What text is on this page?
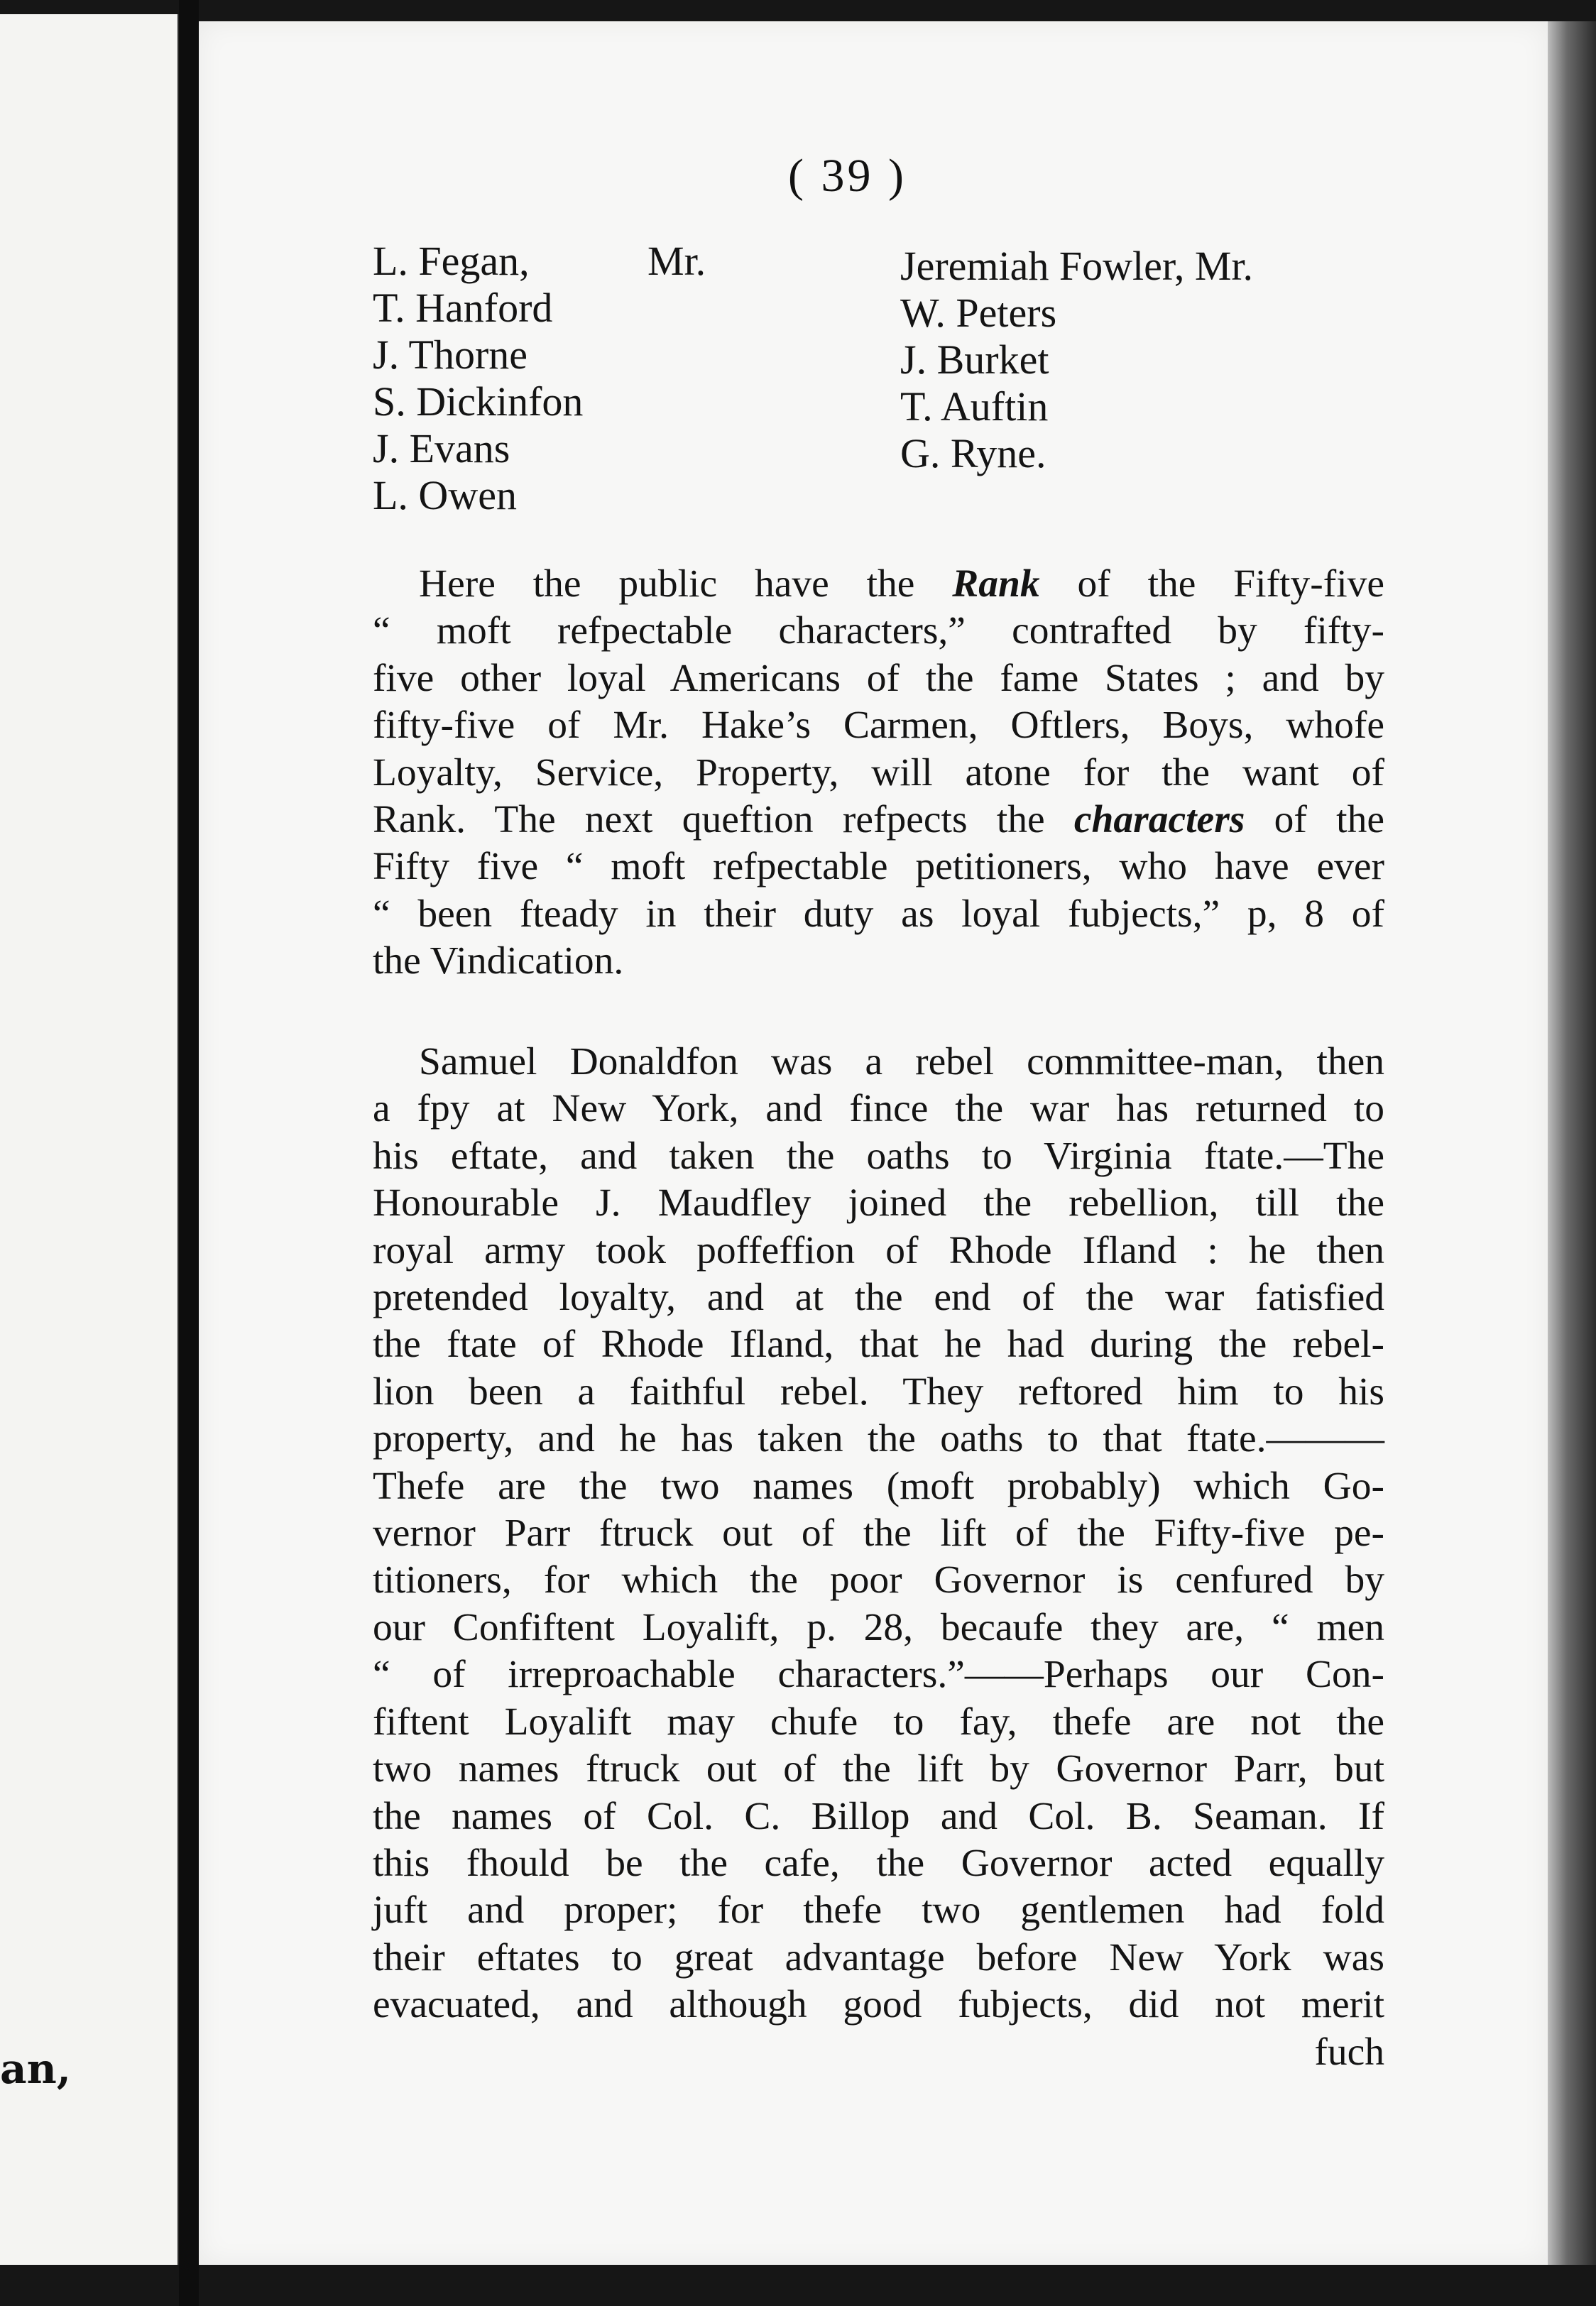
an,
( 39 )
L. Fegan,
T. Hanford
J. Thorne
S. Dickinfon
J. Evans
L. Owen
Mr.	Jeremiah Fowler, Mr.
W. Peters
J. Burket
T. Auftin
G. Ryne.
Here the public have the Rank of the Fifty-five
“ moft refpectable characters,” contrafted by fifty-
five other loyal Americans of the fame States ; and by
fifty-five of Mr. Hake’s Carmen, Oftlers, Boys, whofe
Loyalty, Service, Property, will atone for the want of
Rank. The next queftion refpects the characters of the
Fifty five “ moft refpectable petitioners, who have ever
“ been fteady in their duty as loyal fubjects,” p, 8 of
the Vindication.
Samuel Donaldfon was a rebel committee-man, then
a fpy at New York, and fince the war has returned to
his eftate, and taken the oaths to Virginia ftate.—The
Honourable J. Maudfley joined the rebellion, till the
royal army took poffeffion of Rhode Ifland : he then
pretended loyalty, and at the end of the war fatisfied
the ftate of Rhode Ifland, that he had during the rebel-
lion been a faithful rebel. They reftored him to his
property, and he has taken the oaths to that ftate.———
Thefe are the two names (moft probably) which Go-
vernor Parr ftruck out of the lift of the Fifty-five pe-
titioners, for which the poor Governor is cenfured by
our Confiftent Loyalift, p. 28, becaufe they are, “ men
“ of irreproachable characters.”——Perhaps our Con-
fiftent Loyalift may chufe to fay, thefe are not the
two names ftruck out of the lift by Governor Parr, but
the names of Col. C. Billop and Col. B. Seaman. If
this fhould be the cafe, the Governor acted equally
juft and proper; for thefe two gentlemen had fold
their eftates to great advantage before New York was
evacuated, and although good fubjects, did not merit
fuch
